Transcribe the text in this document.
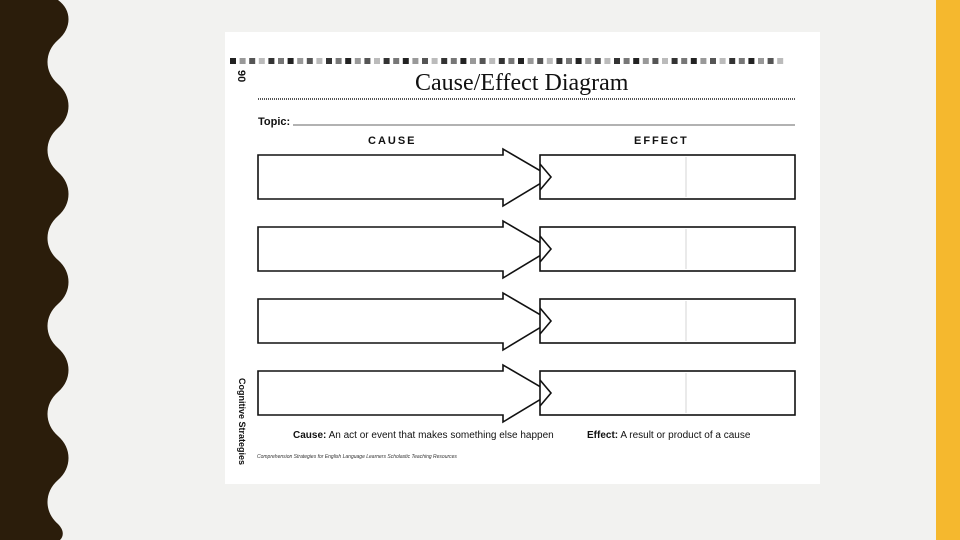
Cause/Effect Diagram
90
Topic:
CAUSE	EFFECT
Cognitive Strategies	Cause: An act or event that makes something else happen	Effect: A result or product of a cause
Comprehension Strategies for English Language Learners Scholastic Teaching Resources
